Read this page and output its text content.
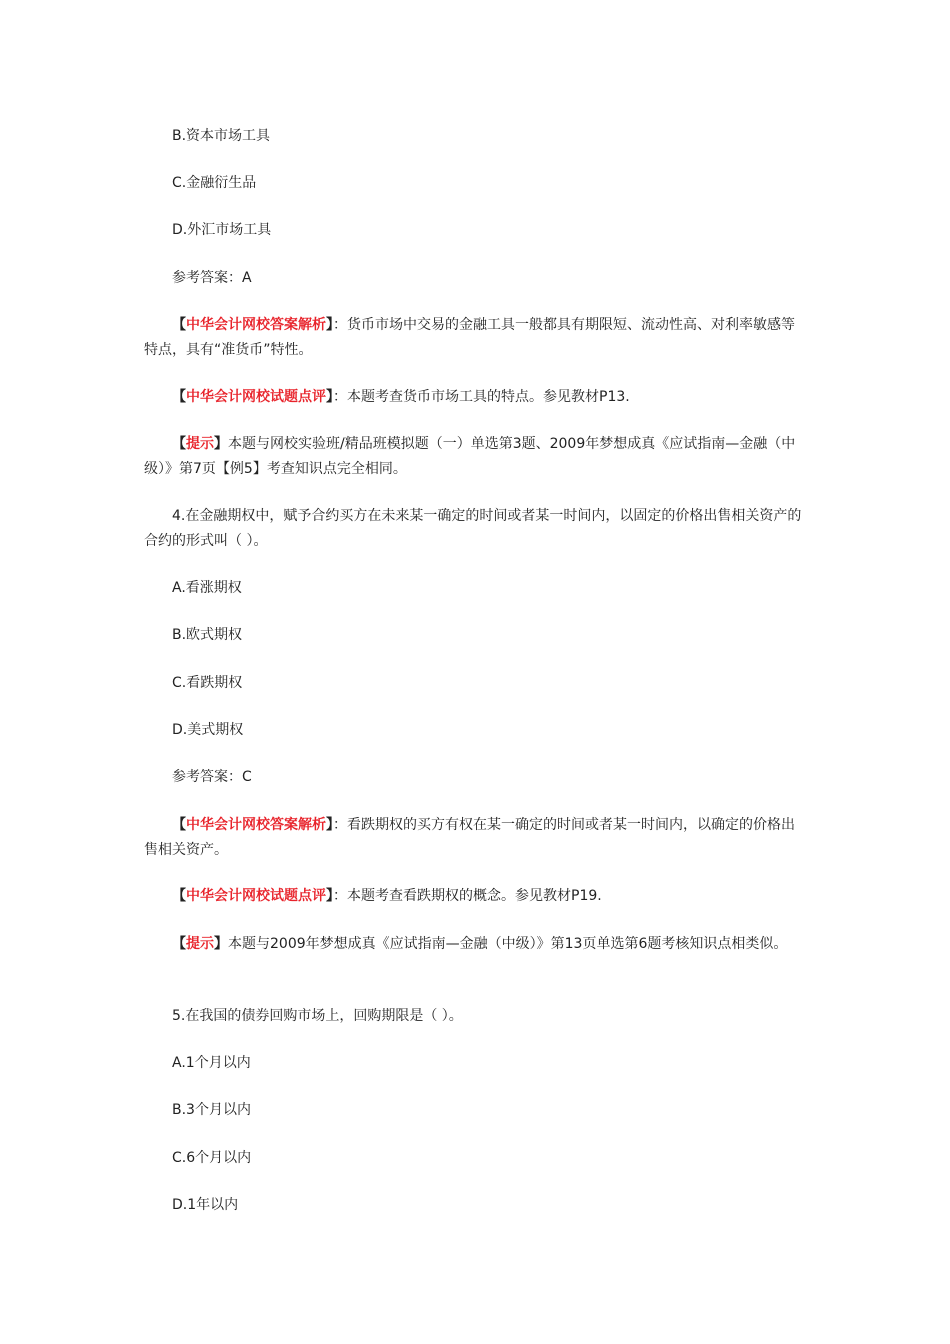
B.资本市场工具
C.金融衍生品
D.外汇市场工具
参考答案：A
【中华会计网校答案解析】：货币市场中交易的金融工具一般都具有期限短、流动性高、对利率敏感等特点，具有“准货币”特性。
【中华会计网校试题点评】：本题考查货币市场工具的特点。参见教材P13.
【提示】本题与网校实验班/精品班模拟题（一）单选第3题、2009年梦想成真《应试指南—金融（中级）》第7页【例5】考查知识点完全相同。
4.在金融期权中，赋予合约买方在未来某一确定的时间或者某一时间内，以固定的价格出售相关资产的合约的形式叫（ ）。
A.看涨期权
B.欧式期权
C.看跌期权
D.美式期权
参考答案：C
【中华会计网校答案解析】：看跌期权的买方有权在某一确定的时间或者某一时间内，以确定的价格出售相关资产。
【中华会计网校试题点评】：本题考查看跌期权的概念。参见教材P19.
【提示】本题与2009年梦想成真《应试指南—金融（中级）》第13页单选第6题考核知识点相类似。
5.在我国的债券回购市场上，回购期限是（ ）。
A.1个月以内
B.3个月以内
C.6个月以内
D.1年以内
